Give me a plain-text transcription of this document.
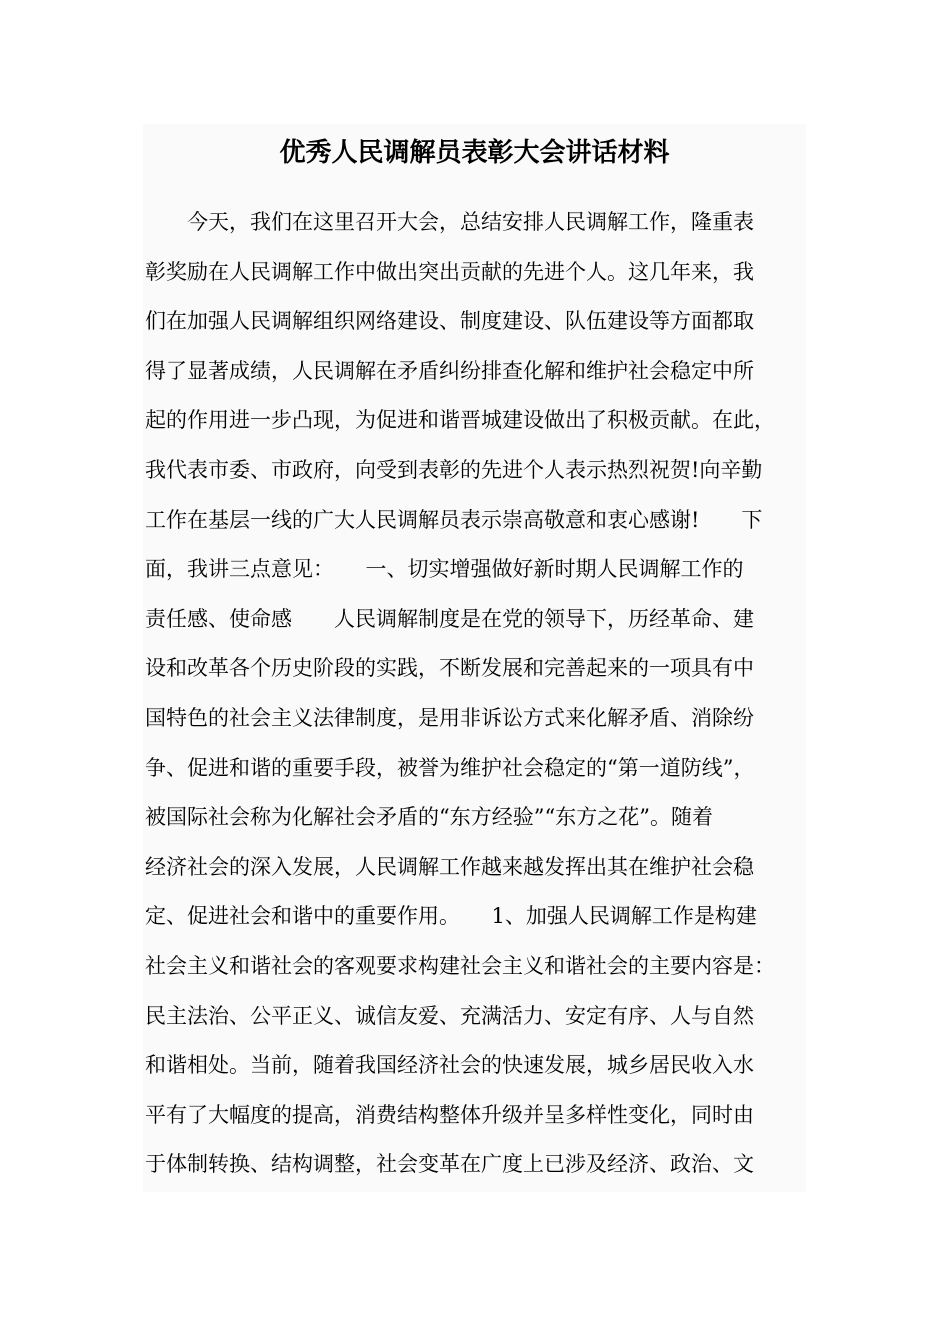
优秀人民调解员表彰大会讲话材料
　　今天，我们在这里召开大会，总结安排人民调解工作，隆重表
彰奖励在人民调解工作中做出突出贡献的先进个人。这几年来，我
们在加强人民调解组织网络建设、制度建设、队伍建设等方面都取
得了显著成绩，人民调解在矛盾纠纷排查化解和维护社会稳定中所
起的作用进一步凸现，为促进和谐晋城建设做出了积极贡献。在此，
我代表市委、市政府，向受到表彰的先进个人表示热烈祝贺!向辛勤
工作在基层一线的广大人民调解员表示崇高敬意和衷心感谢!　　下
面，我讲三点意见：　　一、切实增强做好新时期人民调解工作的
责任感、使命感　　人民调解制度是在党的领导下，历经革命、建
设和改革各个历史阶段的实践，不断发展和完善起来的一项具有中
国特色的社会主义法律制度，是用非诉讼方式来化解矛盾、消除纷
争、促进和谐的重要手段，被誉为维护社会稳定的“第一道防线”，
被国际社会称为化解社会矛盾的“东方经验”“东方之花”。随着
经济社会的深入发展，人民调解工作越来越发挥出其在维护社会稳
定、促进社会和谐中的重要作用。　　1、加强人民调解工作是构建
社会主义和谐社会的客观要求构建社会主义和谐社会的主要内容是：
民主法治、公平正义、诚信友爱、充满活力、安定有序、人与自然
和谐相处。当前，随着我国经济社会的快速发展，城乡居民收入水
平有了大幅度的提高，消费结构整体升级并呈多样性变化，同时由
于体制转换、结构调整，社会变革在广度上已涉及经济、政治、文
